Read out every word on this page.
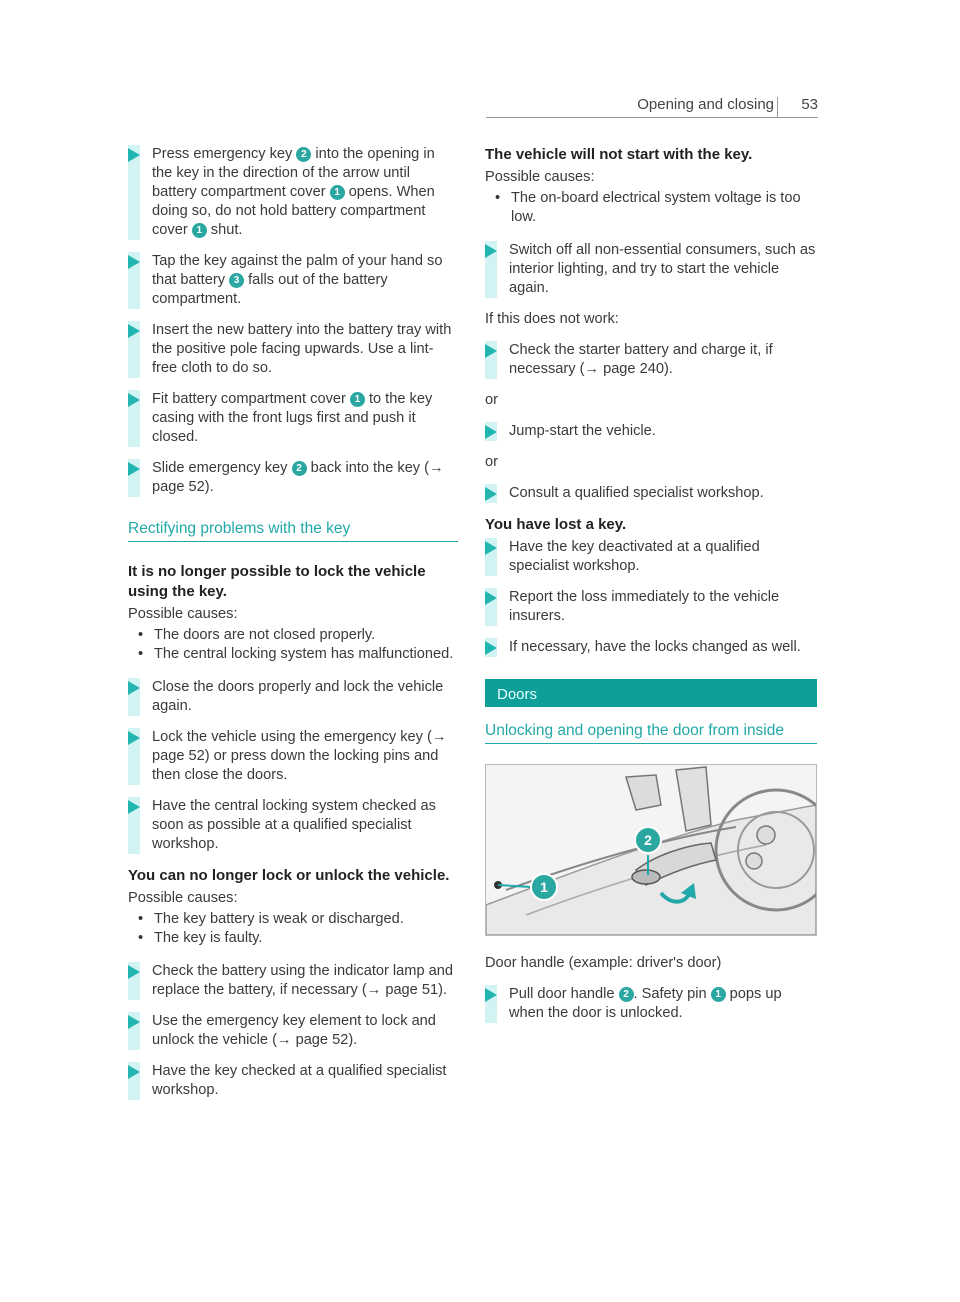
Opening and closing 53
Press emergency key 2 into the opening in the key in the direction of the arrow until battery compartment cover 1 opens. When doing so, do not hold battery compartment cover 1 shut.
Tap the key against the palm of your hand so that battery 3 falls out of the battery compartment.
Insert the new battery into the battery tray with the positive pole facing upwards. Use a lint-free cloth to do so.
Fit battery compartment cover 1 to the key casing with the front lugs first and push it closed.
Slide emergency key 2 back into the key (→ page 52).
Rectifying problems with the key
It is no longer possible to lock the vehicle using the key.
Possible causes:
• The doors are not closed properly.
• The central locking system has malfunctioned.
Close the doors properly and lock the vehicle again.
Lock the vehicle using the emergency key (→ page 52) or press down the locking pins and then close the doors.
Have the central locking system checked as soon as possible at a qualified specialist workshop.
You can no longer lock or unlock the vehicle.
Possible causes:
• The key battery is weak or discharged.
• The key is faulty.
Check the battery using the indicator lamp and replace the battery, if necessary (→ page 51).
Use the emergency key element to lock and unlock the vehicle (→ page 52).
Have the key checked at a qualified specialist workshop.
The vehicle will not start with the key.
Possible causes:
• The on-board electrical system voltage is too low.
Switch off all non-essential consumers, such as interior lighting, and try to start the vehicle again.
If this does not work:
Check the starter battery and charge it, if necessary (→ page 240).
or
Jump-start the vehicle.
or
Consult a qualified specialist workshop.
You have lost a key.
Have the key deactivated at a qualified specialist workshop.
Report the loss immediately to the vehicle insurers.
If necessary, have the locks changed as well.
Doors
Unlocking and opening the door from inside
1
2
Door handle (example: driver's door)
Pull door handle 2 . Safety pin 1 pops up when the door is unlocked.
